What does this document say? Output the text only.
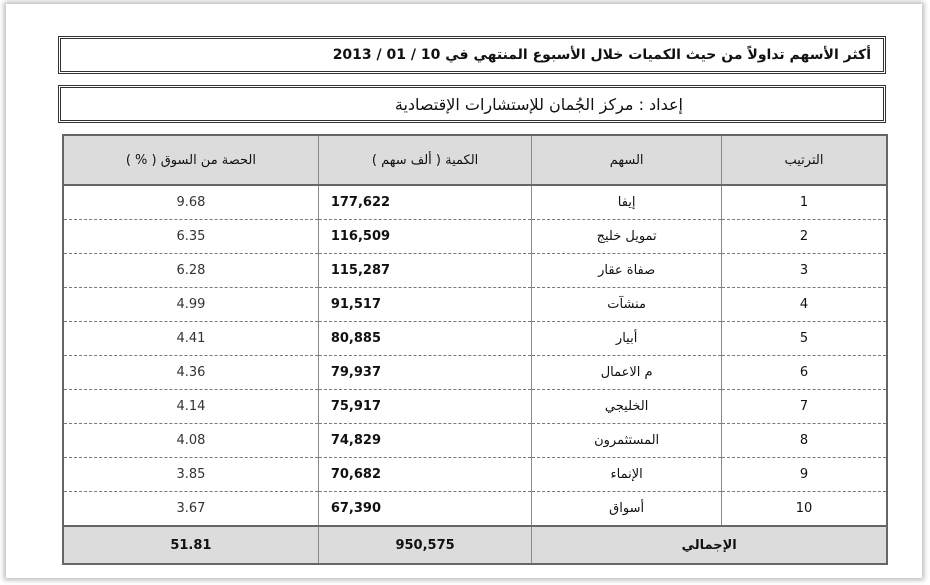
أكثر الأسهم تداولاً من حيث الكميات خلال الأسبوع المنتهي في 10 / 01 / 2013
إعداد : مركز الجُمان للإستشارات الإقتصادية
الترتيب	السهم	الكمية ( ألف سهم )	الحصة من السوق ( % )
1	إيفا	177,622	9.68
2	تمويل خليج	116,509	6.35
3	صفاة عقار	115,287	6.28
4	منشآت	91,517	4.99
5	أبيار	80,885	4.41
6	م الاعمال	79,937	4.36
7	الخليجي	75,917	4.14
8	المستثمرون	74,829	4.08
9	الإنماء	70,682	3.85
10	أسواق	67,390	3.67
الإجمالي		950,575	51.81
